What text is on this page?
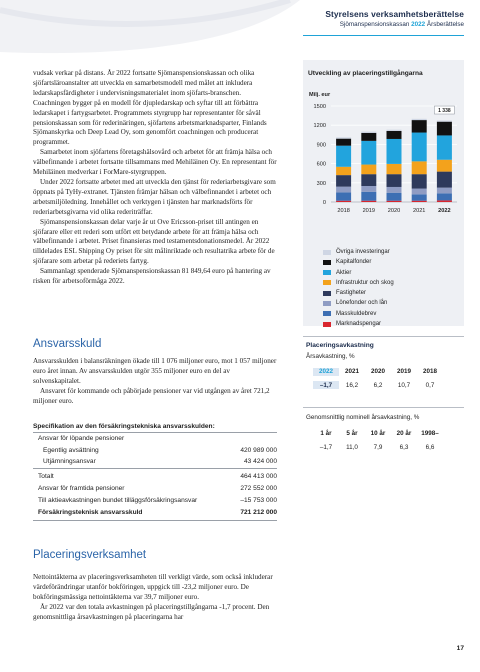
Styrelsens verksamhetsberättelse
Sjömanspensionskassan 2022 Årsberättelse

vudsak verkar på distans. År 2022 fortsatte Sjömanspensionskassan och olika sjöfartsläroanstalter att utveckla en samarbetsmodell med målet att inkludera ledarskapsfärdigheter i undervisningsmaterialet inom sjöfarts-branschen. Coachningen bygger på en modell för djupledarskap och syftar till att förbättra ledarskapet i fartygsarbetet. Programmets styrgrupp har representanter för såväl pensionskassan som för rederinäringen, sjöfartens arbetsmarknadsparter, Finlands Sjömanskyrka och Deep Lead Oy, som genomfört coachningen och producerat programmet.

Samarbetet inom sjöfartens företagshälsovård och arbetet för att främja hälsa och välbefinnande i arbetet fortsatte tillsammans med Mehiläinen Oy. En representant för Mehiläinen medverkar i ForMare-styrgruppen.

Under 2022 fortsatte arbetet med att utveckla den tjänst för rederiarbetsgivare som öppnats på TyHy-extranet. Tjänsten främjar hälsan och välbefinnandet i arbetet och arbetsmiljöledning. Innehållet och verktygen i tjänsten har marknadsförts för rederiarbetsgivarna vid olika rederiträffar.

Sjömanspensionskassan delar varje år ut Ove Ericsson-priset till antingen en sjöfarare eller ett rederi som utfört ett betydande arbete för att främja hälsa och välbefinnande i arbetet. Priset finansieras med testamentsdonationsmedel. År 2022 tilldelades ESL Shipping Oy priset för sitt målinriktade och resultatrika arbete för de sjöfarare som arbetar på rederiets fartyg.

Sammanlagt spenderade Sjömanspensionskassan 81 849,64 euro på hantering av risken för arbetsoförmåga 2022.

Ansvarsskuld

Ansvarsskulden i balansräkningen ökade till 1 076 miljoner euro, mot 1 057 miljoner euro året innan. Av ansvarsskulden utgör 355 miljoner euro en del av solvenskapitalet.

Ansvaret för kommande och påbörjade pensioner var vid utgången av året 721,2 miljoner euro.

Specifikation av den försäkringstekniska ansvarsskulden:
Ansvar för löpande pensioner
Egentlig avsättning	420 989 000
Utjämningsansvar	43 424 000
Totalt	464 413 000
Ansvar för framtida pensioner	272 552 000
Till aktieavkastningen bundet tilläggsförsäkringsansvar	–15 753 000
Försäkringsteknisk ansvarsskuld	721 212 000
Placeringsverksamhet

Nettointäkterna av placeringsverksamheten till verkligt värde, som också inkluderar värdeförändringar utanför bokföringen, uppgick till -23,2 miljoner euro. De bokföringsmässiga nettointäkterna var 39,7 miljoner euro.

År 2022 var den totala avkastningen på placeringstillgångarna -1,7 procent. Den genomsnittliga årsavkastningen på placeringarna har

Utveckling av placeringstillgångarna
Milj. eur
0
300
600
900
1200
1500
2018 2019 2020 2021 2022
1 338
Övriga investeringar
Kapitalfonder
Aktier
Infrastruktur och skog
Fastigheter
Lönefonder och lån
Masskuldebrev
Marknadspengar
Placeringsavkastning
Årsavkastning, %
2022	2021	2020	2019	2018
–1,7	16,2	6,2	10,7	0,7
Genomsnittlig nominell årsavkastning, %
1 år	5 år	10 år	20 år	1998–
–1,7	11,0	7,9	6,3	6,6
17
